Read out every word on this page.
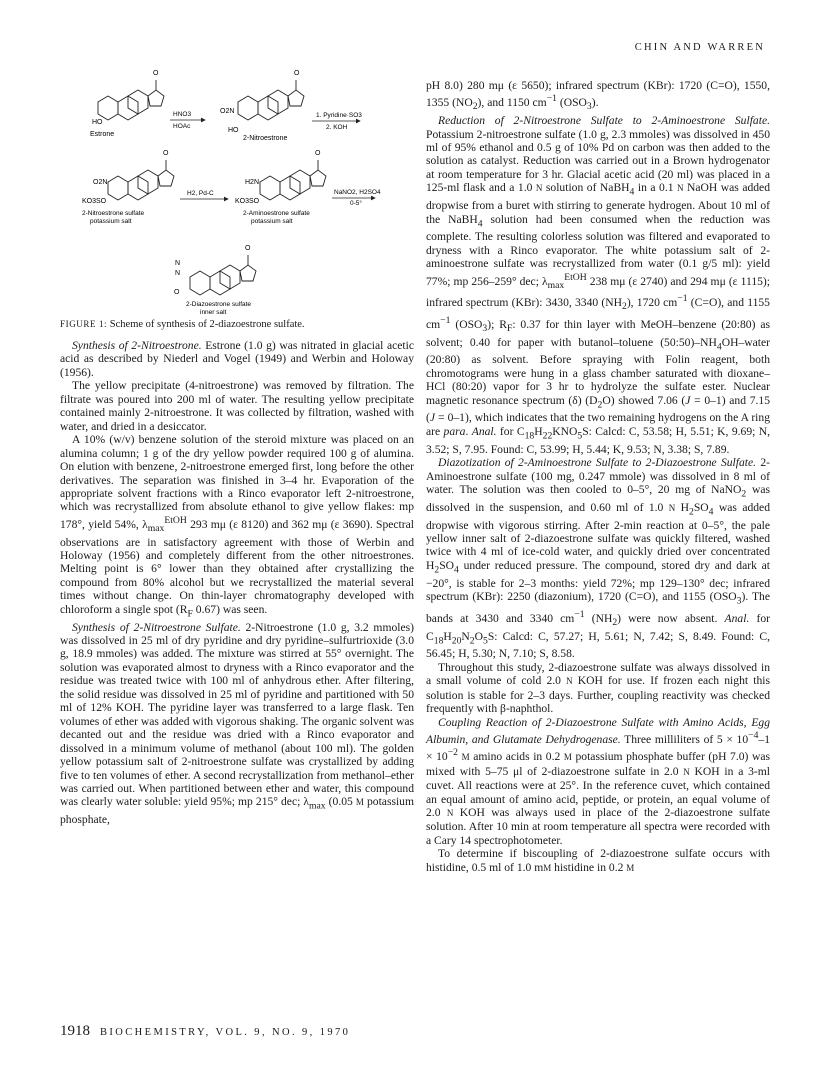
CHIN AND WARREN
HO
O
Estrone
HNO3
HOAc
O2N
HO
O
2-Nitroestrone
1. Pyridine·SO3
2. KOH
O2N
KO3SO
O
2-Nitroestrone sulfate
potassium salt
H2, Pd-C
H2N
KO3SO
O
2-Aminoestrone sulfate
potassium salt
NaNO2, H2SO4
0-5°
N
N
O
O
2-Diazoestrone sulfate
inner salt
FIGURE 1: Scheme of synthesis of 2-diazoestrone sulfate.

Synthesis of 2-Nitroestrone. Estrone (1.0 g) was nitrated in glacial acetic acid as described by Niederl and Vogel (1949) and Werbin and Holoway (1956).

The yellow precipitate (4-nitroestrone) was removed by filtration. The filtrate was poured into 200 ml of water. The resulting yellow precipitate contained mainly 2-nitroestrone. It was collected by filtration, washed with water, and dried in a desiccator.

A 10% (w/v) benzene solution of the steroid mixture was placed on an alumina column; 1 g of the dry yellow powder required 100 g of alumina. On elution with benzene, 2-nitroestrone emerged first, long before the other derivatives. The separation was finished in 3–4 hr. Evaporation of the appropriate solvent fractions with a Rinco evaporator left 2-nitroestrone, which was recrystallized from absolute ethanol to give yellow flakes: mp 178°, yield 54%, $\lambda_{max}^{EtOH}$ 293 mμ (ε 8120) and 362 mμ (ε 3690). Spectral observations are in satisfactory agreement with those of Werbin and Holoway (1956) and completely different from the other nitroestrones. Melting point is 6° lower than they obtained after crystallizing the compound from 80% alcohol but we recrystallized the material several times without change. On thin-layer chromatography developed with chloroform a single spot ($R_F$ 0.67) was seen.

Synthesis of 2-Nitroestrone Sulfate. 2-Nitroestrone (1.0 g, 3.2 mmoles) was dissolved in 25 ml of dry pyridine and dry pyridine–sulfurtrioxide (3.0 g, 18.9 mmoles) was added. The mixture was stirred at 55° overnight. The solution was evaporated almost to dryness with a Rinco evaporator and the residue was treated twice with 100 ml of anhydrous ether. After filtering, the solid residue was dissolved in 25 ml of pyridine and partitioned with 50 ml of 12% KOH. The pyridine layer was transferred to a large flask. Ten volumes of ether was added with vigorous shaking. The organic solvent was decanted out and the residue was dried with a Rinco evaporator and dissolved in a minimum volume of methanol (about 100 ml). The golden yellow potassium salt of 2-nitroestrone sulfate was crystallized by adding five to ten volumes of ether. A second recrystallization from methanol–ether was carried out. When partitioned between ether and water, this compound was clearly water soluble: yield 95%; mp 215° dec; $\lambda_{max}$ (0.05 M potassium phosphate,

pH 8.0) 280 mμ (ε 5650); infrared spectrum (KBr): 1720 (C=O), 1550, 1355 $(NO_2)$, and 1150 $cm^{-1}$ $(OSO_3)$.

Reduction of 2-Nitroestrone Sulfate to 2-Aminoestrone Sulfate. Potassium 2-nitroestrone sulfate (1.0 g, 2.3 mmoles) was dissolved in 450 ml of 95% ethanol and 0.5 g of 10% Pd on carbon was then added to the solution as catalyst. Reduction was carried out in a Brown hydrogenator at room temperature for 3 hr. Glacial acetic acid (20 ml) was placed in a 125-ml flask and a 1.0 N solution of NaBH$_4$ in a 0.1 N NaOH was added dropwise from a buret with stirring to generate hydrogen. About 10 ml of the NaBH$_4$ solution had been consumed when the reduction was complete. The resulting colorless solution was filtered and evaporated to dryness with a Rinco evaporator. The white potassium salt of 2-aminoestrone sulfate was recrystallized from water (0.1 g/5 ml): yield 77%; mp 256–259° dec; $\lambda_{max}^{EtOH}$ 238 mμ (ε 2740) and 294 mμ (ε 1115); infrared spectrum (KBr): 3430, 3340 $(NH_2)$, 1720 $cm^{-1}$ (C=O), and 1155 $cm^{-1}$ $(OSO_3)$; $R_F$: 0.37 for thin layer with MeOH–benzene (20:80) as solvent; 0.40 for paper with butanol–toluene $(50:50)-NH_4OH$–water (20:80) as solvent. Before spraying with Folin reagent, both chromotograms were hung in a glass chamber saturated with dioxane–HCl (80:20) vapor for 3 hr to hydrolyze the sulfate ester. Nuclear magnetic resonance spectrum (δ) $(D_2O)$ showed 7.06 (J = 0–1) and 7.15 (J = 0–1), which indicates that the two remaining hydrogens on the A ring are para. Anal. for $C_{18}H_{22}KNO_5S$: Calcd: C, 53.58; H, 5.51; K, 9.69; N, 3.52; S, 7.95. Found: C, 53.99; H, 5.44; K, 9.53; N, 3.38; S, 7.89.

Diazotization of 2-Aminoestrone Sulfate to 2-Diazoestrone Sulfate. 2-Aminoestrone sulfate (100 mg, 0.247 mmole) was dissolved in 8 ml of water. The solution was then cooled to 0–5°, 20 mg of NaNO$_2$ was dissolved in the suspension, and 0.60 ml of 1.0 N $H_2SO_4$ was added dropwise with vigorous stirring. After 2-min reaction at 0–5°, the pale yellow inner salt of 2-diazoestrone sulfate was quickly filtered, washed twice with 4 ml of ice-cold water, and quickly dried over concentrated $H_2SO_4$ under reduced pressure. The compound, stored dry and dark at −20°, is stable for 2–3 months: yield 72%; mp 129–130° dec; infrared spectrum (KBr): 2250 (diazonium), 1720 (C=O), and 1155 $(OSO_3)$. The bands at 3430 and 3340 $cm^{-1}$ $(NH_2)$ were now absent. Anal. for $C_{18}H_{20}N_2O_5S$: Calcd: C, 57.27; H, 5.61; N, 7.42; S, 8.49. Found: C, 56.45; H, 5.30; N, 7.10; S, 8.58.

Throughout this study, 2-diazoestrone sulfate was always dissolved in a small volume of cold 2.0 N KOH for use. If frozen each night this solution is stable for 2–3 days. Further, coupling reactivity was checked frequently with β-naphthol.

Coupling Reaction of 2-Diazoestrone Sulfate with Amino Acids, Egg Albumin, and Glutamate Dehydrogenase. Three milliliters of $5 \times 10^{-4}-1 \times 10^{-2}$ M amino acids in 0.2 M potassium phosphate buffer (pH 7.0) was mixed with 5–75 μl of 2-diazoestrone sulfate in 2.0 N KOH in a 3-ml cuvet. All reactions were at 25°. In the reference cuvet, which contained an equal amount of amino acid, peptide, or protein, an equal volume of 2.0 N KOH was always used in place of the 2-diazoestrone sulfate solution. After 10 min at room temperature all spectra were recorded with a Cary 14 spectrophotometer.

To determine if biscoupling of 2-diazoestrone sulfate occurs with histidine, 0.5 ml of 1.0 mM histidine in 0.2 M

1918 BIOCHEMISTRY, VOL. 9, NO. 9, 1970
